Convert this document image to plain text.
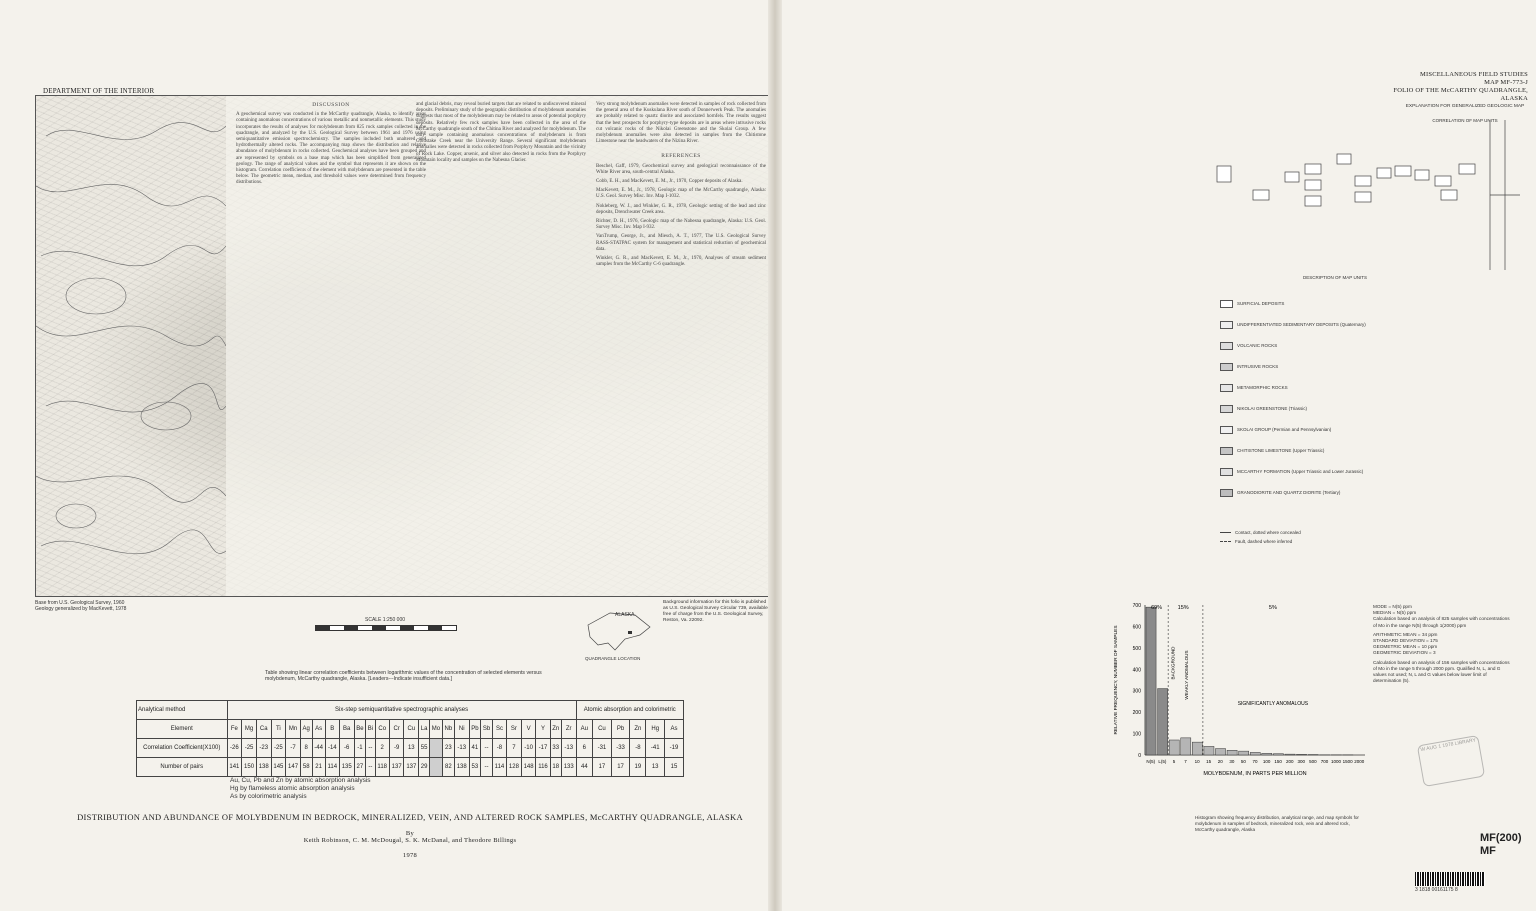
DEPARTMENT OF THE INTERIOR
MISCELLANEOUS FIELD STUDIES
MAP MF-773-J
FOLIO OF THE McCARTHY QUADRANGLE, ALASKA
DISCUSSION

A geochemical survey was conducted in the McCarthy quadrangle, Alaska, to identify areas containing anomalous concentrations of various metallic and nonmetallic elements. This study incorporates the results of analyses for molybdenum from 825 rock samples collected in the quadrangle, and analyzed by the U.S. Geological Survey between 1961 and 1976 using semiquantitative emission spectrochemistry. The samples included both unaltered and hydrothermally altered rocks. The accompanying map shows the distribution and relative abundance of molybdenum in rocks collected. Geochemical analyses have been grouped and are represented by symbols on a base map which has been simplified from generalized geology. The range of analytical values and the symbol that represents it are shown on the histogram. Correlation coefficients of the element with molybdenum are presented in the table below. The geometric mean, median, and threshold values were determined from frequency distributions.

and glacial debris, may reveal buried targets that are related to undiscovered mineral deposits. Preliminary study of the geographic distribution of molybdenum anomalies suggests that most of the molybdenum may be related to areas of potential porphyry deposits. Relatively few rock samples have been collected in the area of the McCarthy quadrangle south of the Chitina River and analyzed for molybdenum. The only sample containing anomalous concentrations of molybdenum is from Goldstake Creek near the University Range. Several significant molybdenum anomalies were detected in rocks collected from Porphyry Mountain and the vicinity of Rock Lake. Copper, arsenic, and silver also detected in rocks from the Porphyry Mountain locality and samples on the Nabesna Glacier.

Very strong molybdenum anomalies were detected in samples of rock collected from the general area of the Kuskulana River south of Donnerwerk Peak. The anomalies are probably related to quartz diorite and associated hornfels. The results suggest that the best prospects for porphyry-type deposits are in areas where intrusive rocks cut volcanic rocks of the Nikolai Greenstone and the Skolai Group. A few molybdenum anomalies were also detected in samples from the Chitistone Limestone near the headwaters of the Nizina River.

REFERENCES

Beschel, Gaff, 1979, Geochemical survey and geological reconnaissance of the White River area, south-central Alaska.

Cobb, E. H., and MacKevett, E. M., Jr., 1970, Copper deposits of Alaska.

MacKevett, E. M., Jr., 1978, Geologic map of the McCarthy quadrangle, Alaska: U.S. Geol. Survey Misc. Inv. Map I-1032.

Nokleberg, W. J., and Winkler, G. R., 1978, Geologic setting of the lead and zinc deposits, Drenchwater Creek area.

Richter, D. H., 1976, Geologic map of the Nabesna quadrangle, Alaska: U.S. Geol. Survey Misc. Inv. Map I-932.

VanTrump, George, Jr., and Miesch, A. T., 1977, The U.S. Geological Survey RASS-STATPAC system for management and statistical reduction of geochemical data.

Winkler, G. R., and MacKevett, E. M., Jr., 1970, Analyses of stream sediment samples from the McCarthy C-6 quadrangle.

Base from U.S. Geological Survey, 1960
Geology generalized by MacKevett, 1978
SCALE 1:250 000
ALASKA
QUADRANGLE LOCATION
Background information for this folio is published as U.S. Geological Survey Circular 739, available free of charge from the U.S. Geological Survey, Reston, Va. 22092.
Table showing linear correlation coefficients between logarithmic values of the concentration of selected elements versus molybdenum, McCarthy quadrangle, Alaska. [Leaders---Indicate insufficient data.]
Analytical method	Six-step semiquantitative spectrographic analyses																										Atomic absorption and colorimetric					
Element	Fe	Mg	Ca	Ti	Mn	Ag	As	B	Ba	Be	Bi	Co	Cr	Cu	La	Mo	Nb	Ni	Pb	Sb	Sc	Sr	V	Y	Zn	Zr	Au	Cu	Pb	Zn	Hg	As
Correlation Coefficient(X100)	-26	-25	-23	-25	-7	8	-44	-14	-6	-1	--	2	-9	13	55		23	-13	41	--	-8	7	-10	-17	33	-13	6	-31	-33	-8	-41	-19
Number of pairs	141	150	138	145	147	58	21	114	135	27	--	118	137	137	29		82	138	53	--	114	128	148	116	18	133	44	17	17	19	13	15
Au, Cu, Pb and Zn by atomic absorption analysis
Hg by flameless atomic absorption analysis
As by colorimetric analysis
DISTRIBUTION AND ABUNDANCE OF MOLYBDENUM IN BEDROCK, MINERALIZED, VEIN, AND ALTERED ROCK SAMPLES, McCARTHY QUADRANGLE, ALASKA
By
Keith Robinson, C. M. McDougal, S. K. McDanal, and Theodore Billings
1978
EXPLANATION FOR GENERALIZED GEOLOGIC MAP
CORRELATION OF MAP UNITS
DESCRIPTION OF MAP UNITS
SURFICIAL DEPOSITS
UNDIFFERENTIATED SEDIMENTARY DEPOSITS (Quaternary)
VOLCANIC ROCKS
INTRUSIVE ROCKS
METAMORPHIC ROCKS
NIKOLAI GREENSTONE (Triassic)
SKOLAI GROUP (Permian and Pennsylvanian)
CHITISTONE LIMESTONE (Upper Triassic)
MCCARTHY FORMATION (Upper Triassic and Lower Jurassic)
GRANODIORITE AND QUARTZ DIORITE (Tertiary)
Contact, dotted where concealed
Fault, dashed where inferred
0
100
200
300
400
500
600
700
N(5) L(5) 5 7 10 15 20 30 50 70 100 150 200 300 500 700 1000 1500 2000
MOLYBDENUM, IN PARTS PER MILLION
RELATIVE FREQUENCY, NUMBER OF SAMPLES	BACKGROUND WEAKLY ANOMALOUS
SIGNIFICANTLY ANOMALOUS
69%	15%	5%
Histogram showing frequency distribution, analytical range, and map symbols for molybdenum in samples of bedrock, mineralized rock, vein and altered rock, McCarthy quadrangle, Alaska
MODE = N(5) ppm
MEDIAN = N(5) ppm
Calculation based on analysis of 825 samples with concentrations of Mo in the range N(5) through 1(2000) ppm
ARITHMETIC MEAN = 34 ppm
STANDARD DEVIATION = 175
GEOMETRIC MEAN = 10 ppm
GEOMETRIC DEVIATION = 3
Calculation based on analysis of 156 samples with concentrations of Mo in the range 5 through 2000 ppm. Qualified N, L, and G values not used; N, L and G values below lower limit of determination (5).
W AUG 1 1978 LIBRARY
MF(200)
MF
3 1818 00161175 8
